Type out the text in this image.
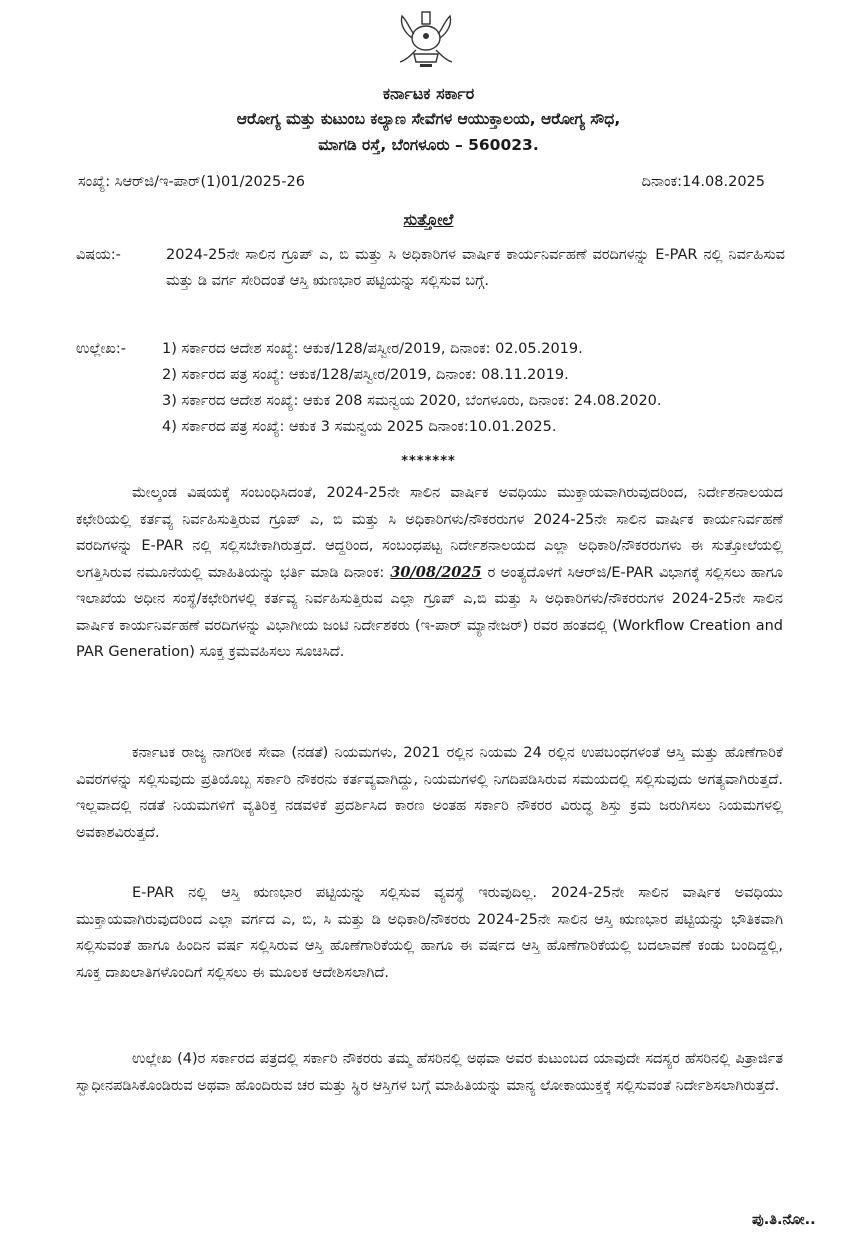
ಕರ್ನಾಟಕ ಸರ್ಕಾರ
ಆರೋಗ್ಯ ಮತ್ತು ಕುಟುಂಬ ಕಲ್ಯಾಣ ಸೇವೆಗಳ ಆಯುಕ್ತಾಲಯ, ಆರೋಗ್ಯ ಸೌಧ,
ಮಾಗಡಿ ರಸ್ತೆ, ಬೆಂಗಳೂರು – 560023.
ಸಂಖ್ಯೆ: ಸಿಆರ್‌ಜಿ/ಇ-ಪಾರ್(1)01/2025-26	ದಿನಾಂಕ:14.08.2025
ಸುತ್ತೋಲೆ
ವಿಷಯ:-	2024-25ನೇ ಸಾಲಿನ ಗ್ರೂಪ್ ಎ, ಬಿ ಮತ್ತು ಸಿ ಅಧಿಕಾರಿಗಳ ವಾರ್ಷಿಕ ಕಾರ್ಯನಿರ್ವಹಣೆ ವರದಿಗಳನ್ನು E-PAR ನಲ್ಲಿ ನಿರ್ವಹಿಸುವ ಮತ್ತು ಡಿ ವರ್ಗ ಸೇರಿದಂತೆ ಆಸ್ತಿ ಋಣಭಾರ ಪಟ್ಟಿಯನ್ನು ಸಲ್ಲಿಸುವ ಬಗ್ಗೆ.
ಉಲ್ಲೇಖ:-	1) ಸರ್ಕಾರದ ಆದೇಶ ಸಂಖ್ಯೆ: ಆಕುಕ/128/ಪಸ್ವೀರ/2019, ದಿನಾಂಕ: 02.05.2019.
2) ಸರ್ಕಾರದ ಪತ್ರ ಸಂಖ್ಯೆ: ಆಕುಕ/128/ಪಸ್ವೀರ/2019, ದಿನಾಂಕ: 08.11.2019.
3) ಸರ್ಕಾರದ ಆದೇಶ ಸಂಖ್ಯೆ: ಆಕುಕ 208 ಸಮನ್ವಯ 2020, ಬೆಂಗಳೂರು, ದಿನಾಂಕ: 24.08.2020.
4) ಸರ್ಕಾರದ ಪತ್ರ ಸಂಖ್ಯೆ: ಆಕುಕ 3 ಸಮನ್ವಯ 2025 ದಿನಾಂಕ:10.01.2025.
*******

ಮೇಲ್ಕಂಡ ವಿಷಯಕ್ಕೆ ಸಂಬಂಧಿಸಿದಂತೆ, 2024-25ನೇ ಸಾಲಿನ ವಾರ್ಷಿಕ ಅವಧಿಯು ಮುಕ್ತಾಯವಾಗಿರುವುದರಿಂದ, ನಿರ್ದೇಶನಾಲಯದ ಕಛೇರಿಯಲ್ಲಿ ಕರ್ತವ್ಯ ನಿರ್ವಹಿಸುತ್ತಿರುವ ಗ್ರೂಪ್ ಎ, ಬಿ ಮತ್ತು ಸಿ ಅಧಿಕಾರಿಗಳು/ನೌಕರರುಗಳ 2024-25ನೇ ಸಾಲಿನ ವಾರ್ಷಿಕ ಕಾರ್ಯನಿರ್ವಹಣೆ ವರದಿಗಳನ್ನು E-PAR ನಲ್ಲಿ ಸಲ್ಲಿಸಬೇಕಾಗಿರುತ್ತದೆ. ಆದ್ದರಿಂದ, ಸಂಬಂಧಪಟ್ಟ ನಿರ್ದೇಶನಾಲಯದ ಎಲ್ಲಾ ಅಧಿಕಾರಿ/ನೌಕರರುಗಳು ಈ ಸುತ್ತೋಲೆಯಲ್ಲಿ ಲಗತ್ತಿಸಿರುವ ನಮೂನೆಯಲ್ಲಿ ಮಾಹಿತಿಯನ್ನು ಭರ್ತಿ ಮಾಡಿ ದಿನಾಂಕ: 30/08/2025 ರ ಅಂತ್ಯದೊಳಗೆ ಸಿಆರ್‌ಜಿ/E-PAR ವಿಭಾಗಕ್ಕೆ ಸಲ್ಲಿಸಲು ಹಾಗೂ ಇಲಾಖೆಯ ಅಧೀನ ಸಂಸ್ಥೆ/ಕಛೇರಿಗಳಲ್ಲಿ ಕರ್ತವ್ಯ ನಿರ್ವಹಿಸುತ್ತಿರುವ ಎಲ್ಲಾ ಗ್ರೂಪ್ ಎ,ಬಿ ಮತ್ತು ಸಿ ಅಧಿಕಾರಿಗಳು/ನೌಕರರುಗಳ 2024-25ನೇ ಸಾಲಿನ ವಾರ್ಷಿಕ ಕಾರ್ಯನಿರ್ವಹಣೆ ವರದಿಗಳನ್ನು ವಿಭಾಗೀಯ ಜಂಟಿ ನಿರ್ದೇಶಕರು (ಇ-ಪಾರ್ ಮ್ಯಾನೇಜರ್) ರವರ ಹಂತದಲ್ಲಿ (Workflow Creation and PAR Generation) ಸೂಕ್ತ ಕ್ರಮವಹಿಸಲು ಸೂಚಿಸಿದೆ.

ಕರ್ನಾಟಕ ರಾಜ್ಯ ನಾಗರೀಕ ಸೇವಾ (ನಡತೆ) ನಿಯಮಗಳು, 2021 ರಲ್ಲಿನ ನಿಯಮ 24 ರಲ್ಲಿನ ಉಪಬಂಧಗಳಂತೆ ಆಸ್ತಿ ಮತ್ತು ಹೊಣೆಗಾರಿಕೆ ವಿವರಗಳನ್ನು ಸಲ್ಲಿಸುವುದು ಪ್ರತಿಯೊಬ್ಬ ಸರ್ಕಾರಿ ನೌಕರನು ಕರ್ತವ್ಯವಾಗಿದ್ದು, ನಿಯಮಗಳಲ್ಲಿ ನಿಗದಿಪಡಿಸಿರುವ ಸಮಯದಲ್ಲಿ ಸಲ್ಲಿಸುವುದು ಅಗತ್ಯವಾಗಿರುತ್ತದೆ. ಇಲ್ಲವಾದಲ್ಲಿ ನಡತೆ ನಿಯಮಗಳಿಗೆ ವ್ಯತಿರಿಕ್ತ ನಡವಳಿಕೆ ಪ್ರದರ್ಶಿಸಿದ ಕಾರಣ ಅಂತಹ ಸರ್ಕಾರಿ ನೌಕರರ ವಿರುದ್ಧ ಶಿಸ್ತು ಕ್ರಮ ಜರುಗಿಸಲು ನಿಯಮಗಳಲ್ಲಿ ಅವಕಾಶವಿರುತ್ತದೆ.

E-PAR ನಲ್ಲಿ ಆಸ್ತಿ ಋಣಭಾರ ಪಟ್ಟಿಯನ್ನು ಸಲ್ಲಿಸುವ ವ್ಯವಸ್ಥೆ ಇರುವುದಿಲ್ಲ. 2024-25ನೇ ಸಾಲಿನ ವಾರ್ಷಿಕ ಅವಧಿಯು ಮುಕ್ತಾಯವಾಗಿರುವುದರಿಂದ ಎಲ್ಲಾ ವರ್ಗದ ಎ, ಬಿ, ಸಿ ಮತ್ತು ಡಿ ಅಧಿಕಾರಿ/ನೌಕರರು 2024-25ನೇ ಸಾಲಿನ ಆಸ್ತಿ ಋಣಭಾರ ಪಟ್ಟಿಯನ್ನು ಭೌತಿಕವಾಗಿ ಸಲ್ಲಿಸುವಂತೆ ಹಾಗೂ ಹಿಂದಿನ ವರ್ಷ ಸಲ್ಲಿಸಿರುವ ಆಸ್ತಿ ಹೊಣೆಗಾರಿಕೆಯಲ್ಲಿ ಹಾಗೂ ಈ ವರ್ಷದ ಆಸ್ತಿ ಹೊಣೆಗಾರಿಕೆಯಲ್ಲಿ ಬದಲಾವಣೆ ಕಂಡು ಬಂದಿದ್ದಲ್ಲಿ, ಸೂಕ್ತ ದಾಖಲಾತಿಗಳೊಂದಿಗೆ ಸಲ್ಲಿಸಲು ಈ ಮೂಲಕ ಆದೇಶಿಸಲಾಗಿದೆ.

ಉಲ್ಲೇಖ (4)ರ ಸರ್ಕಾರದ ಪತ್ರದಲ್ಲಿ ಸರ್ಕಾರಿ ನೌಕರರು ತಮ್ಮ ಹೆಸರಿನಲ್ಲಿ ಅಥವಾ ಅವರ ಕುಟುಂಬದ ಯಾವುದೇ ಸದಸ್ಯರ ಹೆಸರಿನಲ್ಲಿ ಪಿತ್ರಾರ್ಜಿತ ಸ್ವಾಧೀನಪಡಿಸಿಕೊಂಡಿರುವ ಅಥವಾ ಹೊಂದಿರುವ ಚರ ಮತ್ತು ಸ್ಥಿರ ಆಸ್ತಿಗಳ ಬಗ್ಗೆ ಮಾಹಿತಿಯನ್ನು ಮಾನ್ಯ ಲೋಕಾಯುಕ್ತಕ್ಕೆ ಸಲ್ಲಿಸುವಂತೆ ನಿರ್ದೇಶಿಸಲಾಗಿರುತ್ತದೆ.

ಪು.ತಿ.ನೋ..
